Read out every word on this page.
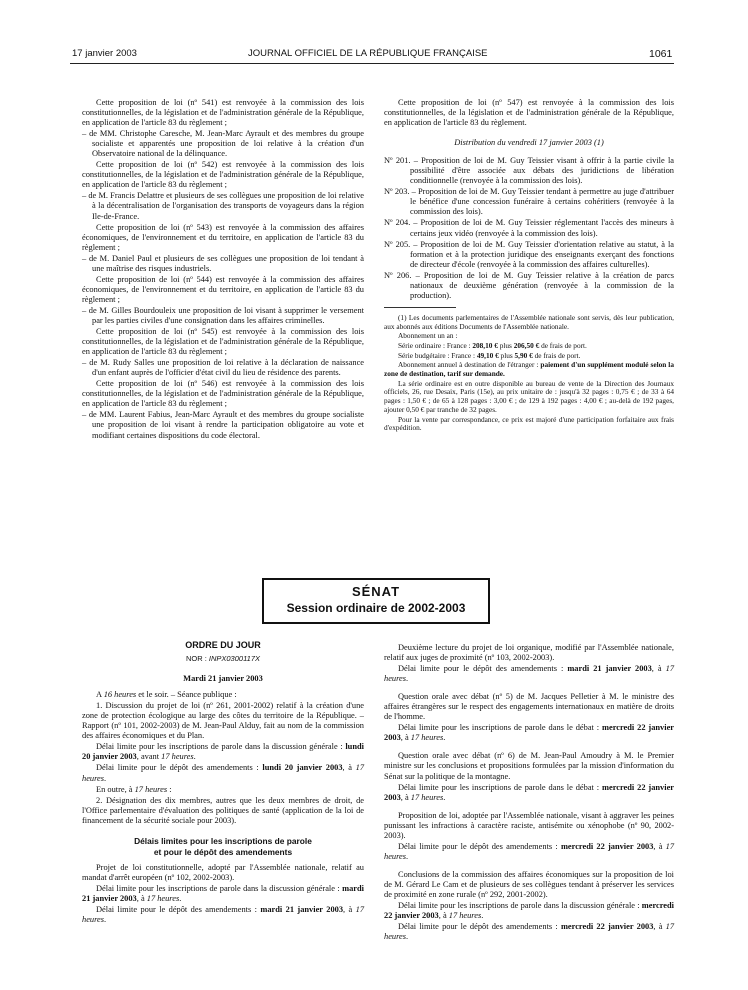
17 janvier 2003	JOURNAL OFFICIEL DE LA RÉPUBLIQUE FRANÇAISE	1061

Cette proposition de loi (nº 541) est renvoyée à la commission des lois constitutionnelles, de la législation et de l'administration générale de la République, en application de l'article 83 du règlement ;

– de MM. Christophe Caresche, M. Jean-Marc Ayrault et des membres du groupe socialiste et apparentés une proposition de loi relative à la création d'un Observatoire national de la délinquance.

Cette proposition de loi (nº 542) est renvoyée à la commission des lois constitutionnelles, de la législation et de l'administration générale de la République, en application de l'article 83 du règlement ;

– de M. Francis Delattre et plusieurs de ses collègues une proposition de loi relative à la décentralisation de l'organisation des transports de voyageurs dans la région Ile-de-France.

Cette proposition de loi (nº 543) est renvoyée à la commission des affaires économiques, de l'environnement et du territoire, en application de l'article 83 du règlement ;

– de M. Daniel Paul et plusieurs de ses collègues une proposition de loi tendant à une maîtrise des risques industriels.

Cette proposition de loi (nº 544) est renvoyée à la commission des affaires économiques, de l'environnement et du territoire, en application de l'article 83 du règlement ;

– de M. Gilles Bourdouleix une proposition de loi visant à supprimer le versement par les parties civiles d'une consignation dans les affaires criminelles.

Cette proposition de loi (nº 545) est renvoyée à la commission des lois constitutionnelles, de la législation et de l'administration générale de la République, en application de l'article 83 du règlement ;

– de M. Rudy Salles une proposition de loi relative à la déclaration de naissance d'un enfant auprès de l'officier d'état civil du lieu de résidence des parents.

Cette proposition de loi (nº 546) est renvoyée à la commission des lois constitutionnelles, de la législation et de l'administration générale de la République, en application de l'article 83 du règlement ;

– de MM. Laurent Fabius, Jean-Marc Ayrault et des membres du groupe socialiste une proposition de loi visant à rendre la participation obligatoire au vote et modifiant certaines dispositions du code électoral.

Cette proposition de loi (nº 547) est renvoyée à la commission des lois constitutionnelles, de la législation et de l'administration générale de la République, en application de l'article 83 du règlement.

Distribution du vendredi 17 janvier 2003 (1)

Nº 201. – Proposition de loi de M. Guy Teissier visant à offrir à la partie civile la possibilité d'être associée aux débats des juridictions de libération conditionnelle (renvoyée à la commission des lois).

Nº 203. – Proposition de loi de M. Guy Teissier tendant à permettre au juge d'attribuer le bénéfice d'une concession funéraire à certains cohéritiers (renvoyée à la commission des lois).

Nº 204. – Proposition de loi de M. Guy Teissier réglementant l'accès des mineurs à certains jeux vidéo (renvoyée à la commission des lois).

Nº 205. – Proposition de loi de M. Guy Teissier d'orientation relative au statut, à la formation et à la protection juridique des enseignants exerçant des fonctions de directeur d'école (renvoyée à la commission des affaires culturelles).

Nº 206. – Proposition de loi de M. Guy Teissier relative à la création de parcs nationaux de deuxième génération (renvoyée à la commission de la production).

(1) Les documents parlementaires de l'Assemblée nationale sont servis, dès leur publication, aux abonnés aux éditions Documents de l'Assemblée nationale.

Abonnement un an :

Série ordinaire : France : 208,10 € plus 206,50 € de frais de port.

Série budgétaire : France : 49,10 € plus 5,90 € de frais de port.

Abonnement annuel à destination de l'étranger : paiement d'un supplément modulé selon la zone de destination, tarif sur demande.

La série ordinaire est en outre disponible au bureau de vente de la Direction des Journaux officiels, 26, rue Desaix, Paris (15e), au prix unitaire de : jusqu'à 32 pages : 0,75 € ; de 33 à 64 pages : 1,50 € ; de 65 à 128 pages : 3,00 € ; de 129 à 192 pages : 4,00 € ; au-delà de 192 pages, ajouter 0,50 € par tranche de 32 pages.

Pour la vente par correspondance, ce prix est majoré d'une participation forfaitaire aux frais d'expédition.

SÉNAT
Session ordinaire de 2002-2003

ORDRE DU JOUR

NOR : INPX0300117X

Mardi 21 janvier 2003

A 16 heures et le soir. – Séance publique :

1. Discussion du projet de loi (nº 261, 2001-2002) relatif à la création d'une zone de protection écologique au large des côtes du territoire de la République. – Rapport (nº 101, 2002-2003) de M. Jean-Paul Alduy, fait au nom de la commission des affaires économiques et du Plan.

Délai limite pour les inscriptions de parole dans la discussion générale : lundi 20 janvier 2003, avant 17 heures.

Délai limite pour le dépôt des amendements : lundi 20 janvier 2003, à 17 heures.

En outre, à 17 heures :

2. Désignation des dix membres, autres que les deux membres de droit, de l'Office parlementaire d'évaluation des politiques de santé (application de la loi de financement de la sécurité sociale pour 2003).

Délais limites pour les inscriptions de parole

et pour le dépôt des amendements

Projet de loi constitutionnelle, adopté par l'Assemblée nationale, relatif au mandat d'arrêt européen (nº 102, 2002-2003).

Délai limite pour les inscriptions de parole dans la discussion générale : mardi 21 janvier 2003, à 17 heures.

Délai limite pour le dépôt des amendements : mardi 21 janvier 2003, à 17 heures.

Deuxième lecture du projet de loi organique, modifié par l'Assemblée nationale, relatif aux juges de proximité (nº 103, 2002-2003).

Délai limite pour le dépôt des amendements : mardi 21 janvier 2003, à 17 heures.

Question orale avec débat (nº 5) de M. Jacques Pelletier à M. le ministre des affaires étrangères sur le respect des engagements internationaux en matière de droits de l'homme.

Délai limite pour les inscriptions de parole dans le débat : mercredi 22 janvier 2003, à 17 heures.

Question orale avec débat (nº 6) de M. Jean-Paul Amoudry à M. le Premier ministre sur les conclusions et propositions formulées par la mission d'information du Sénat sur la politique de la montagne.

Délai limite pour les inscriptions de parole dans le débat : mercredi 22 janvier 2003, à 17 heures.

Proposition de loi, adoptée par l'Assemblée nationale, visant à aggraver les peines punissant les infractions à caractère raciste, antisémite ou xénophobe (nº 90, 2002-2003).

Délai limite pour le dépôt des amendements : mercredi 22 janvier 2003, à 17 heures.

Conclusions de la commission des affaires économiques sur la proposition de loi de M. Gérard Le Cam et de plusieurs de ses collègues tendant à préserver les services de proximité en zone rurale (nº 292, 2001-2002).

Délai limite pour les inscriptions de parole dans la discussion générale : mercredi 22 janvier 2003, à 17 heures.

Délai limite pour le dépôt des amendements : mercredi 22 janvier 2003, à 17 heures.
